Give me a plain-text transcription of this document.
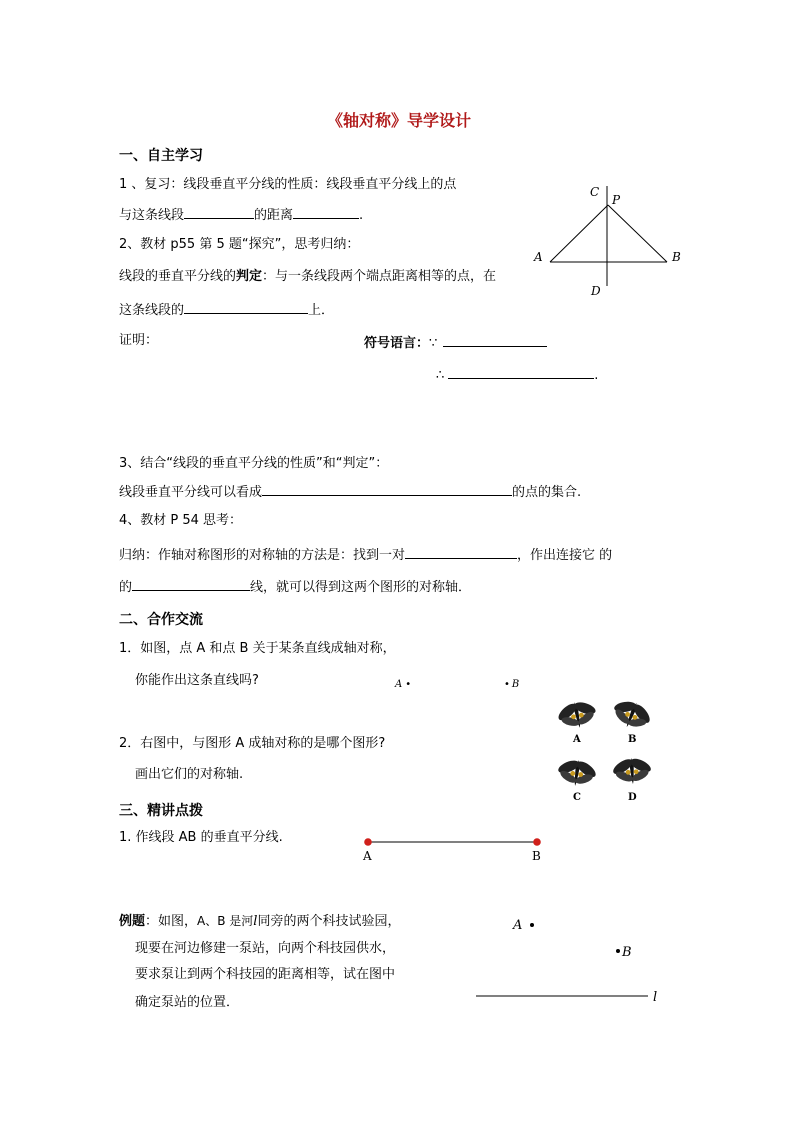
《轴对称》导学设计
一、自主学习
1 、复习：线段垂直平分线的性质：线段垂直平分线上的点
与这条线段	的距离	.
2、教材 p55 第 5 题“探究”，思考归纳：
线段的垂直平分线的判定：与一条线段两个端点距离相等的点，在
这条线段的	上．
证明：	符号语言：∵
∴	.
C
P
A	B
D
3、结合“线段的垂直平分线的性质”和“判定”：
线段垂直平分线可以看成	的点的集合.
4、教材 P 54 思考：
归纳：作轴对称图形的对称轴的方法是：找到一对	，作出连接它 的
的	线，就可以得到这两个图形的对称轴．
二、合作交流
1．如图，点 A 和点 B 关于某条直线成轴对称，
你能作出这条直线吗?	A •	• B
2．右图中，与图形 A 成轴对称的是哪个图形?
画出它们的对称轴.
A	B
C	D
三、精讲点拨
1. 作线段 AB 的垂直平分线.
A	B
例题：如图，A、B 是河l同旁的两个科技试验园，
现要在河边修建一泵站，向两个科技园供水，
要求泵让到两个科技园的距离相等，试在图中
确定泵站的位置．
A
B
l
